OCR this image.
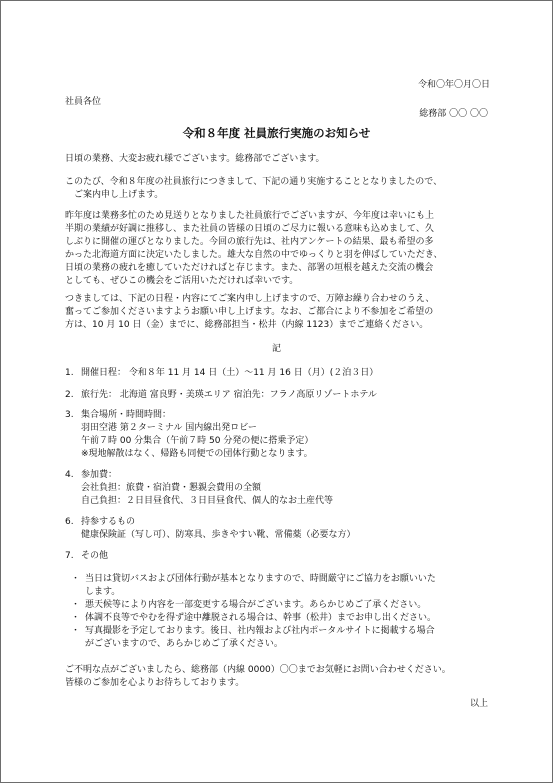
令和〇年〇月〇日
社員各位
総務部 〇〇 〇〇
令和８年度 社員旅行実施のお知らせ
日頃の業務、大変お疲れ様でございます。総務部でございます。
このたび、令和８年度の社員旅行につきまして、下記の通り実施することとなりましたので、
ご案内申し上げます。
昨年度は業務多忙のため見送りとなりました社員旅行でございますが、今年度は幸いにも上
半期の業績が好調に推移し、また社員の皆様の日頃のご尽力に報いる意味も込めまして、久
しぶりに開催の運びとなりました。今回の旅行先は、社内アンケートの結果、最も希望の多
かった北海道方面に決定いたしました。雄大な自然の中でゆっくりと羽を伸ばしていただき、
日頃の業務の疲れを癒していただければと存じます。また、部署の垣根を越えた交流の機会
としても、ぜひこの機会をご活用いただければ幸いです。
つきましては、下記の日程・内容にてご案内申し上げますので、万障お繰り合わせのうえ、
奮ってご参加くださいますようお願い申し上げます。なお、ご都合により不参加をご希望の
方は、10 月 10 日（金）までに、総務部担当・松井（内線 1123）までご連絡ください。
記
1. 開催日程： 令和８年 11 月 14 日（土）～11 月 16 日（月）(２泊３日）
2. 旅行先： 北海道 富良野・美瑛エリア 宿泊先：フラノ高原リゾートホテル
3. 集合場所・時間時間：
羽田空港 第２ターミナル 国内線出発ロビー
午前７時 00 分集合（午前７時 50 分発の便に搭乗予定）
※現地解散はなく、帰路も同便での団体行動となります。
4. 参加費：
会社負担：旅費・宿泊費・懇親会費用の全額
自己負担：２日目昼食代、３日目昼食代、個人的なお土産代等
6. 持参するもの
健康保険証（写し可）、防寒具、歩きやすい靴、常備薬（必要な方）
7. その他
・ 当日は貸切バスおよび団体行動が基本となりますので、時間厳守にご協力をお願いいた
します。
・ 悪天候等により内容を一部変更する場合がございます。あらかじめご了承ください。
・ 体調不良等でやむを得ず途中離脱される場合は、幹事（松井）までお申し出ください。
・ 写真撮影を予定しております。後日、社内報および社内ポータルサイトに掲載する場合
がございますので、あらかじめご了承ください。
ご不明な点がございましたら、総務部（内線 0000）〇〇までお気軽にお問い合わせください。
皆様のご参加を心よりお待ちしております。
以上
